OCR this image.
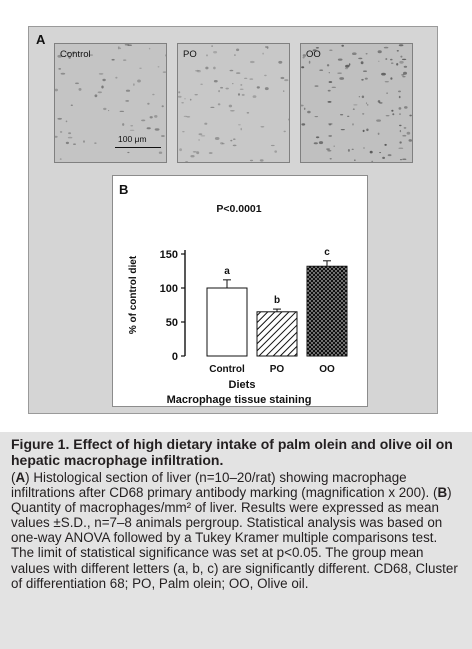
A
Control
100 μm
PO	OO
B
P<0.0001
% of control diet
Diets
Macrophage tissue staining
0
50
100
150
a
Control
b
PO
c
OO
Figure 1. Effect of high dietary intake of palm olein and olive oil on hepatic macrophage infiltration.
(A) Histological section of liver (n=10–20/rat) showing macrophage infiltrations after CD68 primary antibody marking (magnification x 200). (B) Quantity of macrophages/mm² of liver. Results were expressed as mean values ±S.D., n=7–8 animals pergroup. Statistical analysis was based on one-way ANOVA followed by a Tukey Kramer multiple comparisons test. The limit of statistical significance was set at p<0.05. The group mean values with different letters (a, b, c) are significantly different. CD68, Cluster of differentiation 68; PO, Palm olein; OO, Olive oil.
